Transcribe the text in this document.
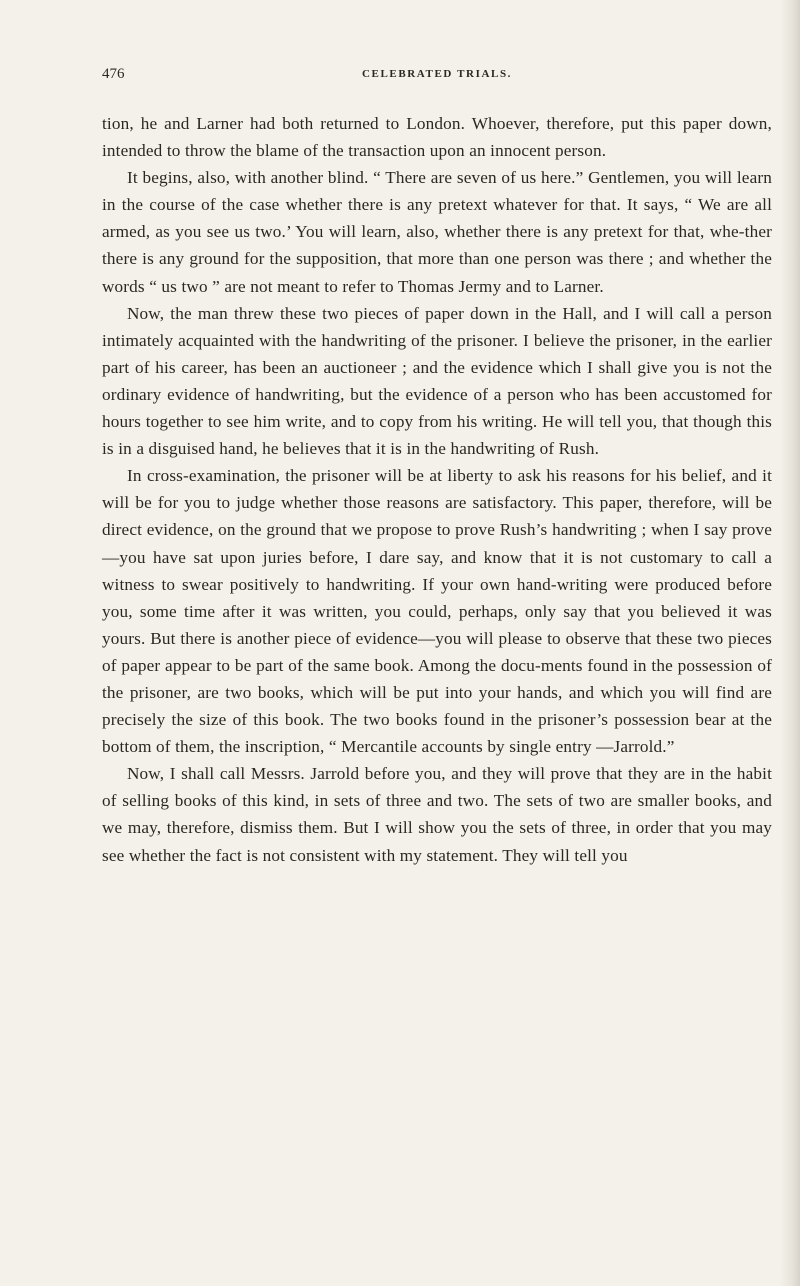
476	CELEBRATED TRIALS.

tion, he and Larner had both returned to London. Whoever, therefore, put this paper down, intended to throw the blame of the transaction upon an innocent person.

It begins, also, with another blind. “ There are seven of us here.” Gentlemen, you will learn in the course of the case whether there is any pretext whatever for that. It says, “ We are all armed, as you see us two.’ You will learn, also, whether there is any pretext for that, whe-ther there is any ground for the supposition, that more than one person was there ; and whether the words “ us two ” are not meant to refer to Thomas Jermy and to Larner.

Now, the man threw these two pieces of paper down in the Hall, and I will call a person intimately acquainted with the handwriting of the prisoner. I believe the prisoner, in the earlier part of his career, has been an auctioneer ; and the evidence which I shall give you is not the ordinary evidence of handwriting, but the evidence of a person who has been accustomed for hours together to see him write, and to copy from his writing. He will tell you, that though this is in a disguised hand, he believes that it is in the handwriting of Rush.

In cross-examination, the prisoner will be at liberty to ask his reasons for his belief, and it will be for you to judge whether those reasons are satisfactory. This paper, therefore, will be direct evidence, on the ground that we propose to prove Rush’s handwriting ; when I say prove—you have sat upon juries before, I dare say, and know that it is not customary to call a witness to swear positively to handwriting. If your own hand-writing were produced before you, some time after it was written, you could, perhaps, only say that you believed it was yours. But there is another piece of evidence—you will please to observe that these two pieces of paper appear to be part of the same book. Among the docu-ments found in the possession of the prisoner, are two books, which will be put into your hands, and which you will find are precisely the size of this book. The two books found in the prisoner’s possession bear at the bottom of them, the inscription, “ Mercantile accounts by single entry —Jarrold.”

Now, I shall call Messrs. Jarrold before you, and they will prove that they are in the habit of selling books of this kind, in sets of three and two. The sets of two are smaller books, and we may, therefore, dismiss them. But I will show you the sets of three, in order that you may see whether the fact is not consistent with my statement. They will tell you
